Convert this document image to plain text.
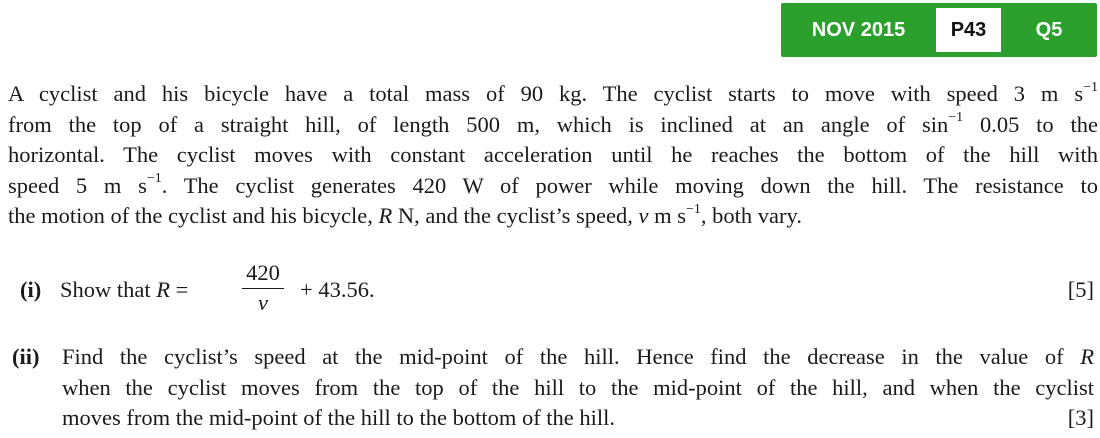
NOV 2015	P43	Q5
A cyclist and his bicycle have a total mass of 90 kg. The cyclist starts to move with speed 3 m $s^{-1}$
from the top of a straight hill, of length 500 m, which is inclined at an angle of $\sin^{-1} 0.05$ to the
horizontal. The cyclist moves with constant acceleration until he reaches the bottom of the hill with
speed 5 m $s^{-1}$. The cyclist generates 420 W of power while moving down the hill. The resistance to
the motion of the cyclist and his bicycle, R N, and the cyclist’s speed, v m $s^{-1}$, both vary.
(i) Show that R =
420
v
+ 43.56.	[5]
(ii) Find the cyclist’s speed at the mid-point of the hill. Hence find the decrease in the value of R
when the cyclist moves from the top of the hill to the mid-point of the hill, and when the cyclist
moves from the mid-point of the hill to the bottom of the hill.	[3]
